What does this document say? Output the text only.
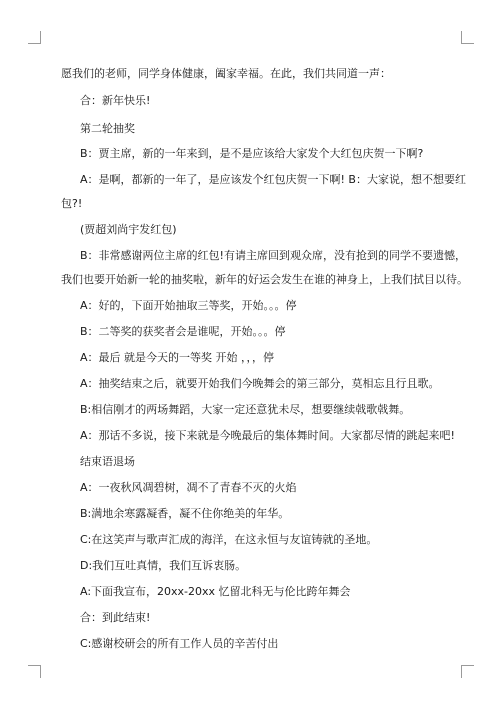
愿我们的老师，同学身体健康，阖家幸福。在此，我们共同道一声：
合：新年快乐!
第二轮抽奖
B：贾主席，新的一年来到，是不是应该给大家发个大红包庆贺一下啊?
A：是啊，都新的一年了，是应该发个红包庆贺一下啊! B：大家说，想不想要红
包?!
(贾超刘尚宇发红包)
B：非常感谢两位主席的红包!有请主席回到观众席，没有抢到的同学不要遗憾，
我们也要开始新一轮的抽奖啦，新年的好运会发生在谁的神身上，上我们拭目以待。
A：好的，下面开始抽取三等奖，开始。。。停
B：二等奖的获奖者会是谁呢，开始。。。停
A：最后 就是今天的一等奖 开始 ，，，停
A：抽奖结束之后，就要开始我们今晚舞会的第三部分，莫相忘且行且歌。
B:相信刚才的两场舞蹈，大家一定还意犹未尽，想要继续戟歌戟舞。
A：那话不多说，接下来就是今晚最后的集体舞时间。大家都尽情的跳起来吧!
结束语退场
A：一夜秋风凋碧树，凋不了青春不灭的火焰
B:满地余寒露凝香，凝不住你绝美的年华。
C:在这笑声与歌声汇成的海洋，在这永恒与友谊铸就的圣地。
D:我们互吐真情，我们互诉衷肠。
A:下面我宣布，20xx-20xx 忆留北科无与伦比跨年舞会
合：到此结束!
C:感谢校研会的所有工作人员的辛苦付出
